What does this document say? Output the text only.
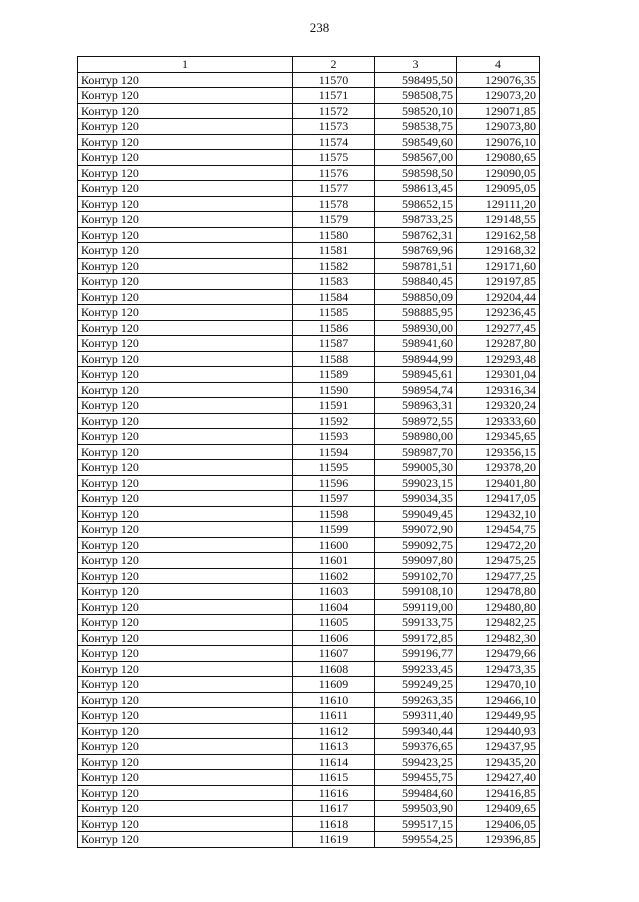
238
1	2	3	4
Контур 120	11570	598495,50	129076,35
Контур 120	11571	598508,75	129073,20
Контур 120	11572	598520,10	129071,85
Контур 120	11573	598538,75	129073,80
Контур 120	11574	598549,60	129076,10
Контур 120	11575	598567,00	129080,65
Контур 120	11576	598598,50	129090,05
Контур 120	11577	598613,45	129095,05
Контур 120	11578	598652,15	129111,20
Контур 120	11579	598733,25	129148,55
Контур 120	11580	598762,31	129162,58
Контур 120	11581	598769,96	129168,32
Контур 120	11582	598781,51	129171,60
Контур 120	11583	598840,45	129197,85
Контур 120	11584	598850,09	129204,44
Контур 120	11585	598885,95	129236,45
Контур 120	11586	598930,00	129277,45
Контур 120	11587	598941,60	129287,80
Контур 120	11588	598944,99	129293,48
Контур 120	11589	598945,61	129301,04
Контур 120	11590	598954,74	129316,34
Контур 120	11591	598963,31	129320,24
Контур 120	11592	598972,55	129333,60
Контур 120	11593	598980,00	129345,65
Контур 120	11594	598987,70	129356,15
Контур 120	11595	599005,30	129378,20
Контур 120	11596	599023,15	129401,80
Контур 120	11597	599034,35	129417,05
Контур 120	11598	599049,45	129432,10
Контур 120	11599	599072,90	129454,75
Контур 120	11600	599092,75	129472,20
Контур 120	11601	599097,80	129475,25
Контур 120	11602	599102,70	129477,25
Контур 120	11603	599108,10	129478,80
Контур 120	11604	599119,00	129480,80
Контур 120	11605	599133,75	129482,25
Контур 120	11606	599172,85	129482,30
Контур 120	11607	599196,77	129479,66
Контур 120	11608	599233,45	129473,35
Контур 120	11609	599249,25	129470,10
Контур 120	11610	599263,35	129466,10
Контур 120	11611	599311,40	129449,95
Контур 120	11612	599340,44	129440,93
Контур 120	11613	599376,65	129437,95
Контур 120	11614	599423,25	129435,20
Контур 120	11615	599455,75	129427,40
Контур 120	11616	599484,60	129416,85
Контур 120	11617	599503,90	129409,65
Контур 120	11618	599517,15	129406,05
Контур 120	11619	599554,25	129396,85
